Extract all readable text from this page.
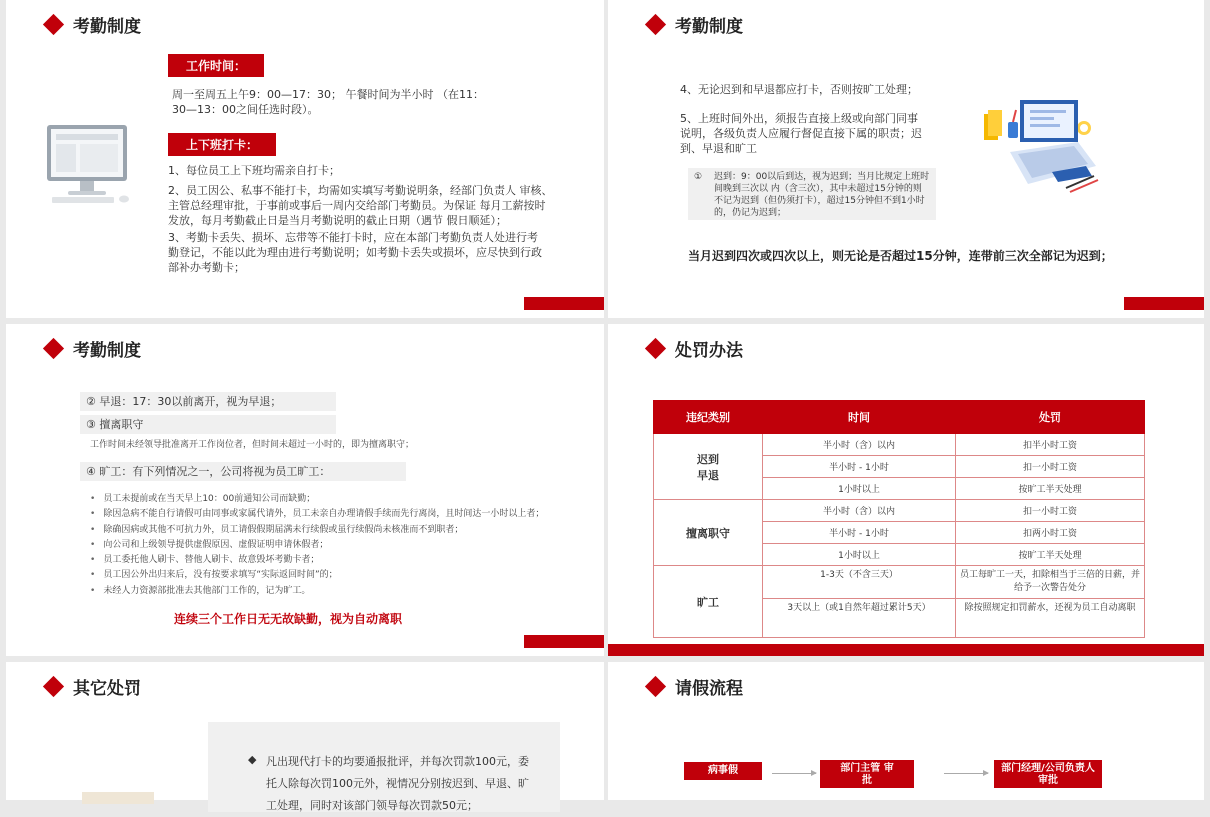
考勤制度
工作时间：
周一至周五上午9：00—17：30； 午餐时间为半小时 （在11：30—13：00之间任选时段）。
上下班打卡：
1、每位员工上下班均需亲自打卡；
2、员工因公、私事不能打卡，均需如实填写考勤说明条，经部门负责人 审核、主管总经理审批，于事前或事后一周内交给部门考勤员。为保证 每月工薪按时发放，每月考勤截止日是当月考勤说明的截止日期（遇节 假日顺延）；
3、考勤卡丢失、损坏、忘带等不能打卡时，应在本部门考勤负责人处进行考勤登记，不能以此为理由进行考勤说明；如考勤卡丢失或损坏，应尽快到行政部补办考勤卡；
考勤制度
4、无论迟到和早退都应打卡，否则按旷工处理；
5、上班时间外出，须报告直接上级或向部门同事说明，各级负责人应履行督促直接下属的职责；迟到、早退和旷工
① 迟到：9：00以后到达，视为迟到；当月比规定上班时间晚到三次以 内（含三次），其中未超过15分钟的则不记为迟到（但仍须打卡），超过15分钟但不到1小时的，仍记为迟到；
当月迟到四次或四次以上，则无论是否超过15分钟，连带前三次全部记为迟到；
考勤制度
② 早退：17：30以前离开，视为早退；
③ 擅离职守
工作时间未经领导批准离开工作岗位者，但时间未超过一小时的，即为擅离职守；
④ 旷工：有下列情况之一，公司将视为员工旷工：
• 员工未提前或在当天早上10：00前通知公司而缺勤；
• 除因急病不能自行请假可由同事或家属代请外，员工未亲自办理请假手续而先行离岗，且时间达一小时以上者；
• 除确因病或其他不可抗力外，员工请假假期届满未行续假或虽行续假尚未核准而不到职者；
• 向公司和上级领导提供虚假原因、虚假证明申请休假者；
• 员工委托他人刷卡、替他人刷卡、故意毁坏考勤卡者；
• 员工因公外出归来后，没有按要求填写“实际返回时间”的；
• 未经人力资源部批准去其他部门工作的，记为旷工。
连续三个工作日无无故缺勤，视为自动离职
处罚办法
违纪类别	时间	处罚
迟到 早退	半小时（含）以内	扣半小时工资
	半小时 - 1小时	扣一小时工资
	1小时以上	按旷工半天处理
擅离职守	半小时（含）以内	扣一小时工资
	半小时 - 1小时	扣两小时工资
	1小时以上	按旷工半天处理
旷工	1-3天（不含三天）	员工每旷工一天，扣除相当于三倍的日薪，并给予一次警告处分
	3天以上（或1自然年超过累计5天）	除按照规定扣罚薪水，还视为员工自动离职
其它处罚
◆ 凡出现代打卡的均要通报批评，并每次罚款100元，委托人除每次罚100元外，视情况分别按迟到、早退、旷工处理，同时对该部门领导每次罚款50元；
请假流程
病事假	部门主管 审批
部门经理/公司负责人 审批
